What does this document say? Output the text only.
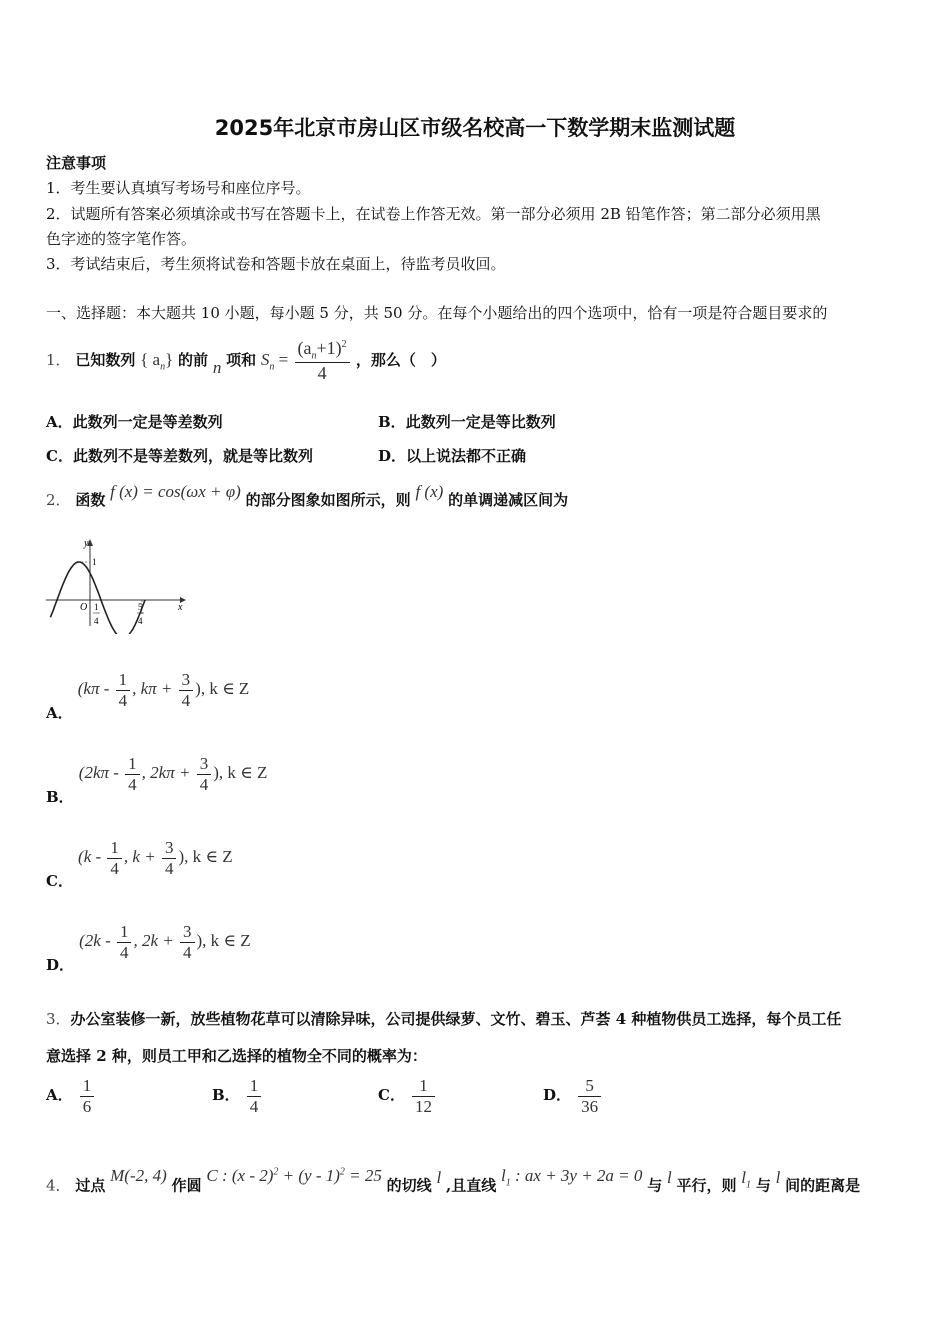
2025年北京市房山区市级名校高一下数学期末监测试题
注意事项
1．考生要认真填写考场号和座位序号。
2．试题所有答案必须填涂或书写在答题卡上，在试卷上作答无效。第一部分必须用 2B 铅笔作答；第二部分必须用黑
色字迹的签字笔作答。
3．考试结束后，考生须将试卷和答题卡放在桌面上，待监考员收回。
一、选择题：本大题共 10 小题，每小题 5 分，共 50 分。在每个小题给出的四个选项中，恰有一项是符合题目要求的
1． 已知数列 { $a_n$} 的前 n 项和 $S_n = \frac{(a_n+1)^2}{4}$ ，那么（　）
A．此数列一定是等差数列	B．此数列一定是等比数列
C．此数列不是等差数列，就是等比数列	D．以上说法都不正确
2． 函数 f (x) = cos(ωx + φ) 的部分图象如图所示，则 f (x) 的单调递减区间为
y
x
O
1
1
4
5
4
A． ($k\pi - \frac{1}{4}$ , $k\pi + \frac{3}{4}$ ), k ∈ Z
B． ($2k\pi - \frac{1}{4}$ , $2k\pi + \frac{3}{4}$ ), k ∈ Z
C． ($k - \frac{1}{4}$ , $k + \frac{3}{4}$ ), k ∈ Z
D． ($2k - \frac{1}{4}$ , $2k + \frac{3}{4}$ ), k ∈ Z
3．办公室装修一新，放些植物花草可以清除异味，公司提供绿萝、文竹、碧玉、芦荟 4 种植物供员工选择，每个员工任
意选择 2 种，则员工甲和乙选择的植物全不同的概率为：
A． $\frac{1}{6}$	B． $\frac{1}{4}$	C． $\frac{1}{12}$	D． $\frac{5}{36}$
4． 过点 M(-2, 4) 作圆 C : (x - 2)$^2$ + (y - 1)$^2$ = 25 的切线 l ,且直线 $l_1$ : ax + 3y + 2a = 0 与 l 平行，则 $l_1$ 与 l 间的距离是
